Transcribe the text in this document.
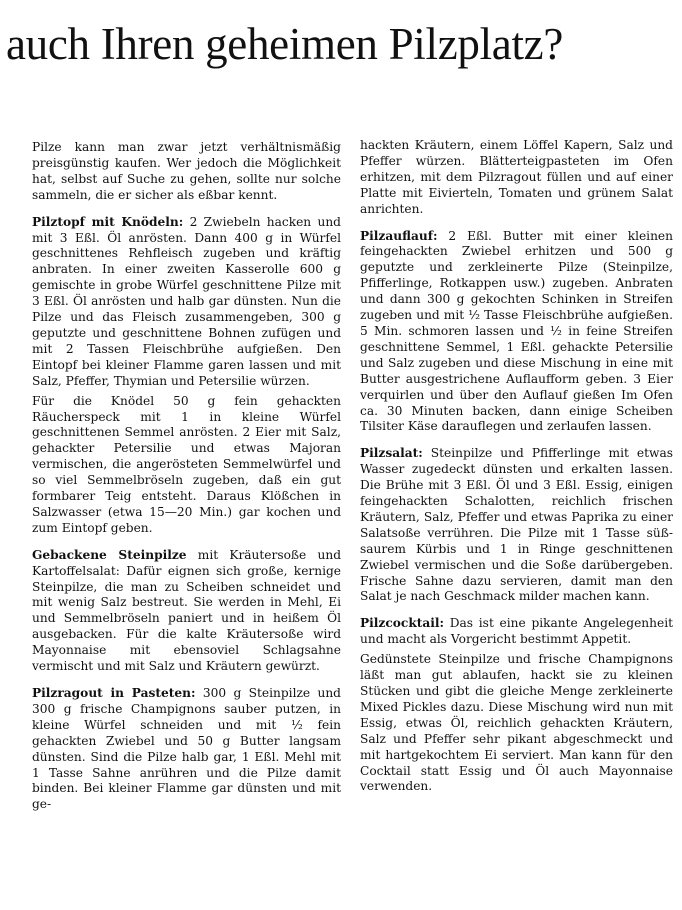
auch Ihren geheimen Pilzplatz?

Pilze kann man zwar jetzt verhältnismäßig preisgünstig kaufen. Wer jedoch die Möglichkeit hat, selbst auf Suche zu gehen, sollte nur solche sammeln, die er sicher als eßbar kennt.

Pilztopf mit Knödeln: 2 Zwiebeln hacken und mit 3 Eßl. Öl anrösten. Dann 400 g in Würfel geschnittenes Rehfleisch zugeben und kräftig anbraten. In einer zweiten Kasserolle 600 g gemischte in grobe Würfel geschnittene Pilze mit 3 Eßl. Öl anrösten und halb gar dünsten. Nun die Pilze und das Fleisch zusammengeben, 300 g geputzte und geschnittene Bohnen zufügen und mit 2 Tassen Fleischbrühe aufgießen. Den Eintopf bei kleiner Flamme garen lassen und mit Salz, Pfeffer, Thymian und Petersilie würzen.

Für die Knödel 50 g fein gehackten Räucherspeck mit 1 in kleine Würfel geschnittenen Semmel anrösten. 2 Eier mit Salz, gehackter Petersilie und etwas Majoran vermischen, die angerösteten Semmelwürfel und so viel Semmelbröseln zugeben, daß ein gut formbarer Teig entsteht. Daraus Klößchen in Salzwasser (etwa 15—20 Min.) gar kochen und zum Eintopf geben.

Gebackene Steinpilze mit Kräutersoße und Kartoffelsalat: Dafür eignen sich große, kernige Steinpilze, die man zu Scheiben schneidet und mit wenig Salz bestreut. Sie werden in Mehl, Ei und Semmelbröseln paniert und in heißem Öl ausgebacken. Für die kalte Kräutersoße wird Mayonnaise mit ebensoviel Schlagsahne vermischt und mit Salz und Kräutern gewürzt.

Pilzragout in Pasteten: 300 g Steinpilze und 300 g frische Champignons sauber putzen, in kleine Würfel schneiden und mit ½ fein gehackten Zwiebel und 50 g Butter langsam dünsten. Sind die Pilze halb gar, 1 Eßl. Mehl mit 1 Tasse Sahne anrühren und die Pilze damit binden. Bei kleiner Flamme gar dünsten und mit ge-

hackten Kräutern, einem Löffel Kapern, Salz und Pfeffer würzen. Blätterteigpasteten im Ofen erhitzen, mit dem Pilzragout füllen und auf einer Platte mit Eivierteln, Tomaten und grünem Salat anrichten.

Pilzauflauf: 2 Eßl. Butter mit einer kleinen feingehackten Zwiebel erhitzen und 500 g geputzte und zerkleinerte Pilze (Steinpilze, Pfifferlinge, Rotkappen usw.) zugeben. Anbraten und dann 300 g gekochten Schinken in Streifen zugeben und mit ½ Tasse Fleischbrühe aufgießen. 5 Min. schmoren lassen und ½ in feine Streifen geschnittene Semmel, 1 Eßl. gehackte Petersilie und Salz zugeben und diese Mischung in eine mit Butter ausgestrichene Auflaufform geben. 3 Eier verquirlen und über den Auflauf gießen Im Ofen ca. 30 Minuten backen, dann einige Scheiben Tilsiter Käse darauflegen und zerlaufen lassen.

Pilzsalat: Steinpilze und Pfifferlinge mit etwas Wasser zugedeckt dünsten und erkalten lassen. Die Brühe mit 3 Eßl. Öl und 3 Eßl. Essig, einigen feingehackten Schalotten, reichlich frischen Kräutern, Salz, Pfeffer und etwas Paprika zu einer Salatsoße verrühren. Die Pilze mit 1 Tasse süß-saurem Kürbis und 1 in Ringe geschnittenen Zwiebel vermischen und die Soße darübergeben. Frische Sahne dazu servieren, damit man den Salat je nach Geschmack milder machen kann.

Pilzcocktail: Das ist eine pikante Angelegenheit und macht als Vorgericht bestimmt Appetit.

Gedünstete Steinpilze und frische Champignons läßt man gut ablaufen, hackt sie zu kleinen Stücken und gibt die gleiche Menge zerkleinerte Mixed Pickles dazu. Diese Mischung wird nun mit Essig, etwas Öl, reichlich gehackten Kräutern, Salz und Pfeffer sehr pikant abgeschmeckt und mit hartgekochtem Ei serviert. Man kann für den Cocktail statt Essig und Öl auch Mayonnaise verwenden.
